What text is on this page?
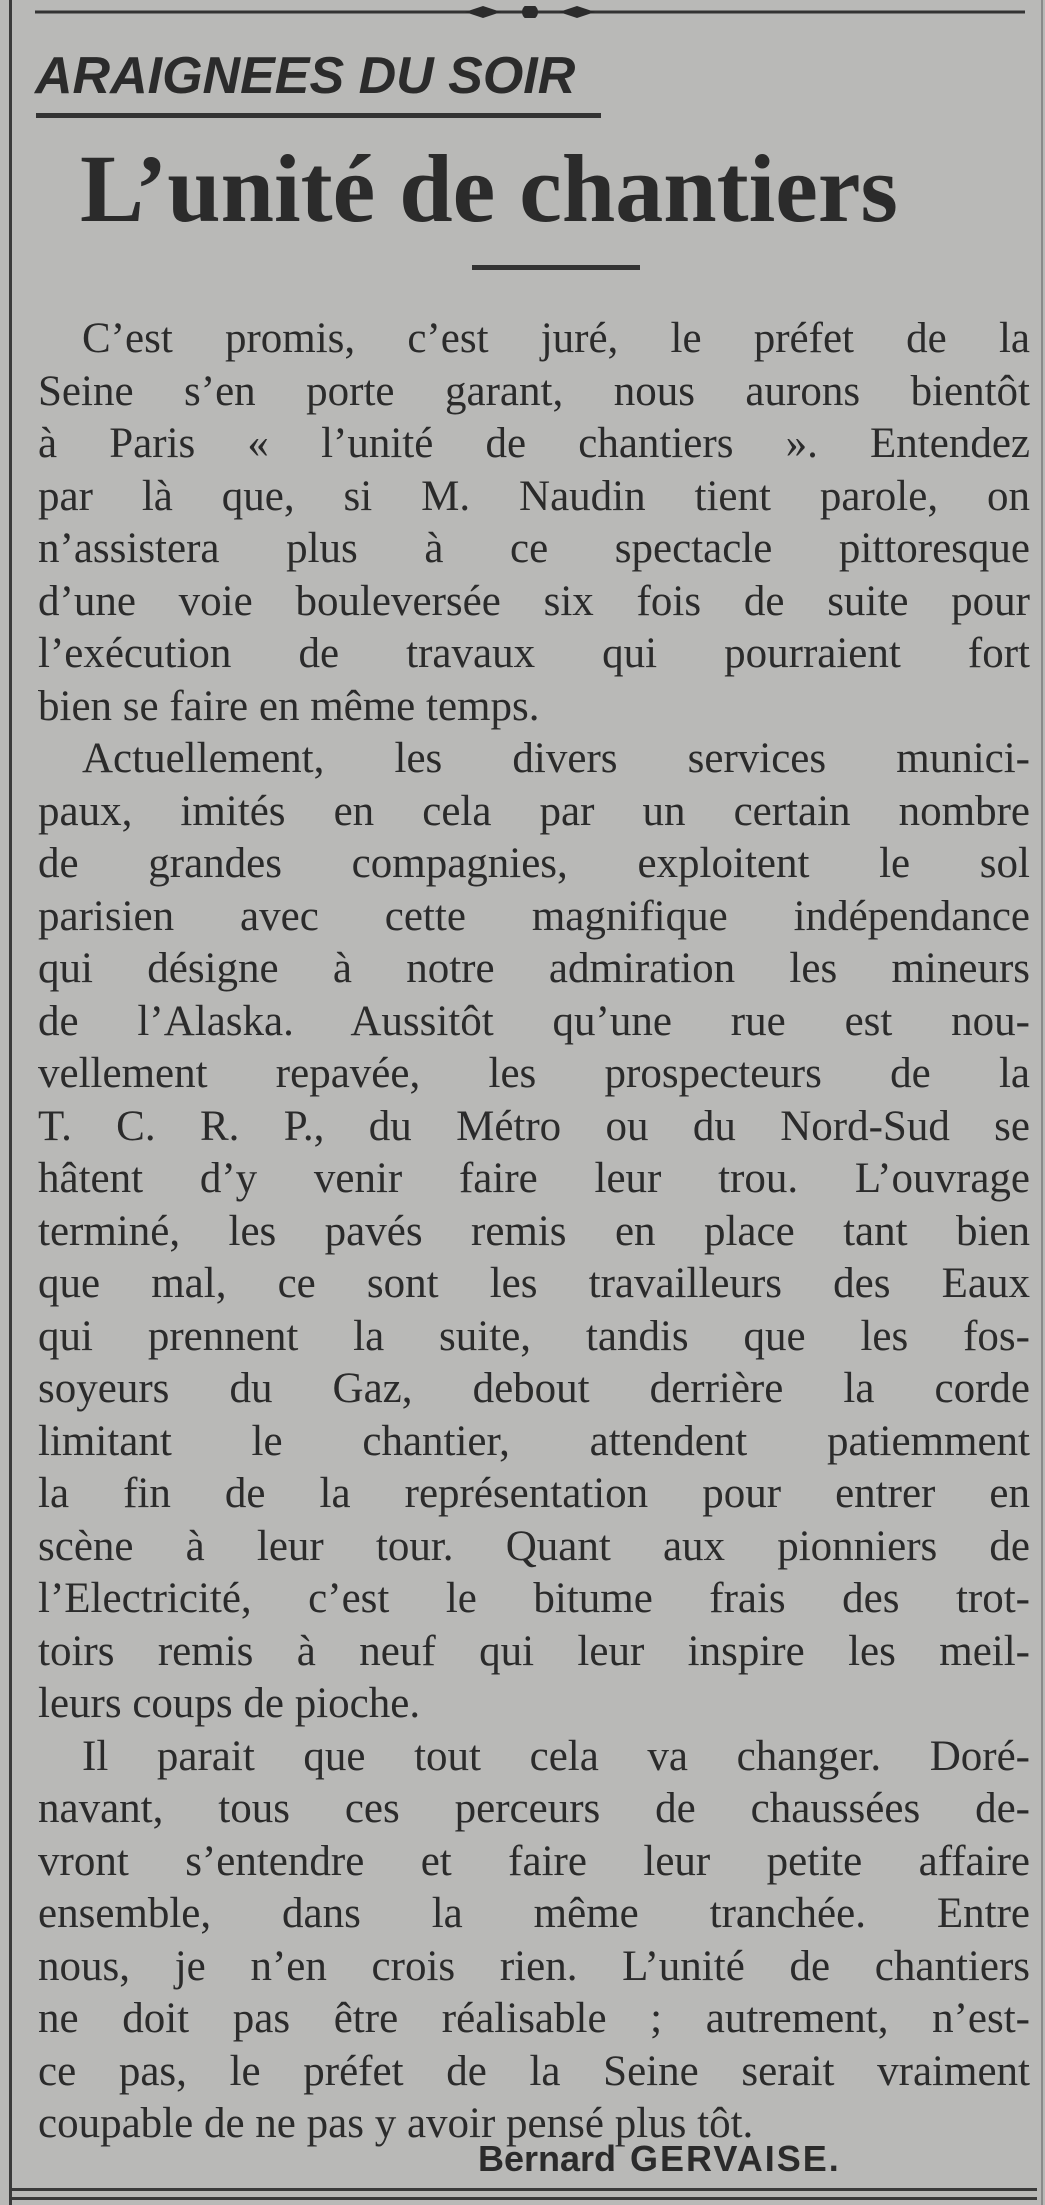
ARAIGNEES DU SOIR
L’unité de chantiers
C’est promis, c’est juré, le préfet de la
Seine s’en porte garant, nous aurons bientôt
à Paris « l’unité de chantiers ». Entendez
par là que, si M. Naudin tient parole, on
n’assistera plus à ce spectacle pittoresque
d’une voie bouleversée six fois de suite pour
l’exécution de travaux qui pourraient fort
bien se faire en même temps.
Actuellement, les divers services munici-
paux, imités en cela par un certain nombre
de grandes compagnies, exploitent le sol
parisien avec cette magnifique indépendance
qui désigne à notre admiration les mineurs
de l’Alaska. Aussitôt qu’une rue est nou-
vellement repavée, les prospecteurs de la
T. C. R. P., du Métro ou du Nord-Sud se
hâtent d’y venir faire leur trou. L’ouvrage
terminé, les pavés remis en place tant bien
que mal, ce sont les travailleurs des Eaux
qui prennent la suite, tandis que les fos-
soyeurs du Gaz, debout derrière la corde
limitant le chantier, attendent patiemment
la fin de la représentation pour entrer en
scène à leur tour. Quant aux pionniers de
l’Electricité, c’est le bitume frais des trot-
toirs remis à neuf qui leur inspire les meil-
leurs coups de pioche.
Il parait que tout cela va changer. Doré-
navant, tous ces perceurs de chaussées de-
vront s’entendre et faire leur petite affaire
ensemble, dans la même tranchée. Entre
nous, je n’en crois rien. L’unité de chantiers
ne doit pas être réalisable ; autrement, n’est-
ce pas, le préfet de la Seine serait vraiment
coupable de ne pas y avoir pensé plus tôt.
Bernard GERVAISE.
